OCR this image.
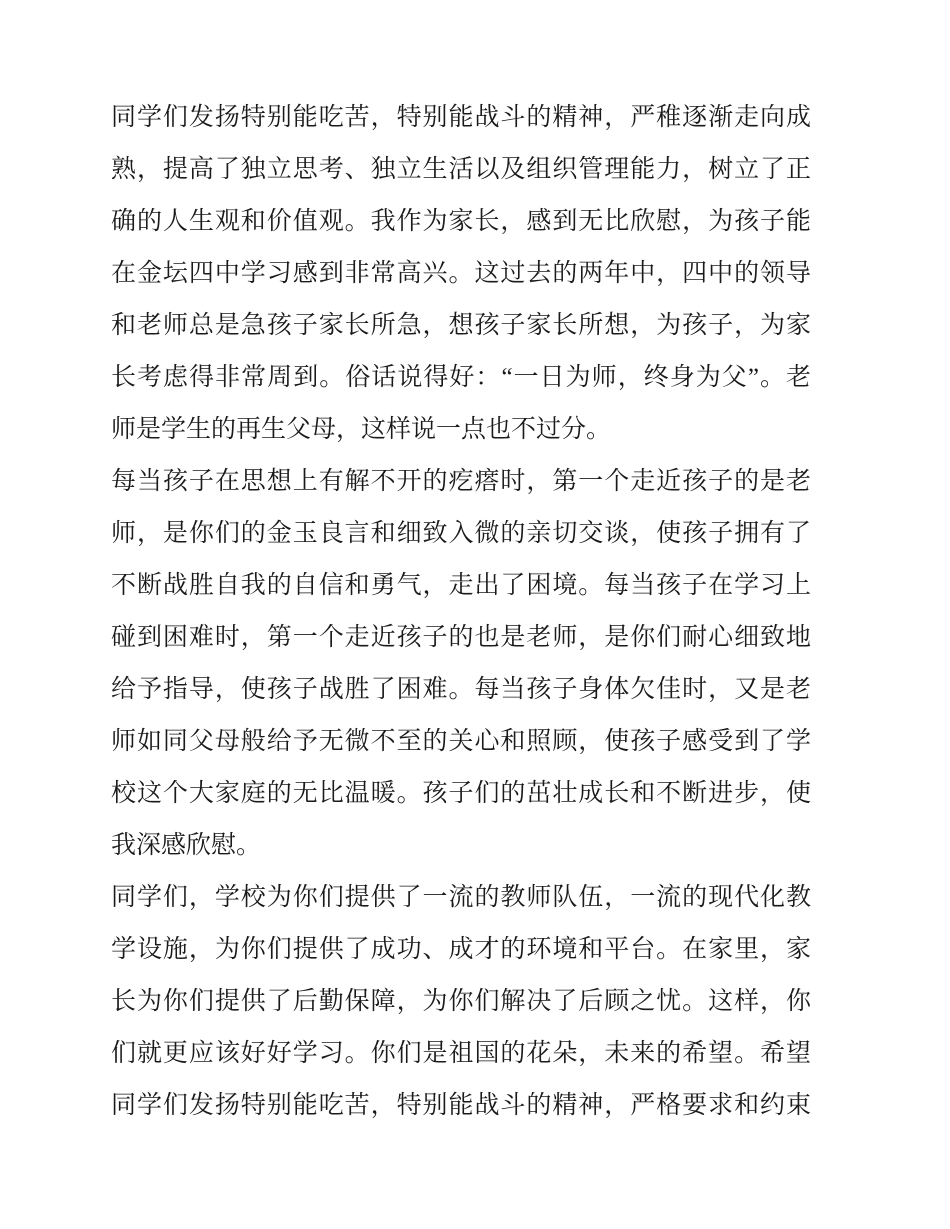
同学们发扬特别能吃苦，特别能战斗的精神，严稚逐渐走向成
熟，提高了独立思考、独立生活以及组织管理能力，树立了正
确的人生观和价值观。我作为家长，感到无比欣慰，为孩子能
在金坛四中学习感到非常高兴。这过去的两年中，四中的领导
和老师总是急孩子家长所急，想孩子家长所想，为孩子，为家
长考虑得非常周到。俗话说得好：“一日为师，终身为父”。老
师是学生的再生父母，这样说一点也不过分。

每当孩子在思想上有解不开的疙瘩时，第一个走近孩子的是老
师，是你们的金玉良言和细致入微的亲切交谈，使孩子拥有了
不断战胜自我的自信和勇气，走出了困境。每当孩子在学习上
碰到困难时，第一个走近孩子的也是老师，是你们耐心细致地
给予指导，使孩子战胜了困难。每当孩子身体欠佳时，又是老
师如同父母般给予无微不至的关心和照顾，使孩子感受到了学
校这个大家庭的无比温暖。孩子们的茁壮成长和不断进步，使
我深感欣慰。

同学们，学校为你们提供了一流的教师队伍，一流的现代化教
学设施，为你们提供了成功、成才的环境和平台。在家里，家
长为你们提供了后勤保障，为你们解决了后顾之忧。这样，你
们就更应该好好学习。你们是祖国的花朵，未来的希望。希望
同学们发扬特别能吃苦，特别能战斗的精神，严格要求和约束
